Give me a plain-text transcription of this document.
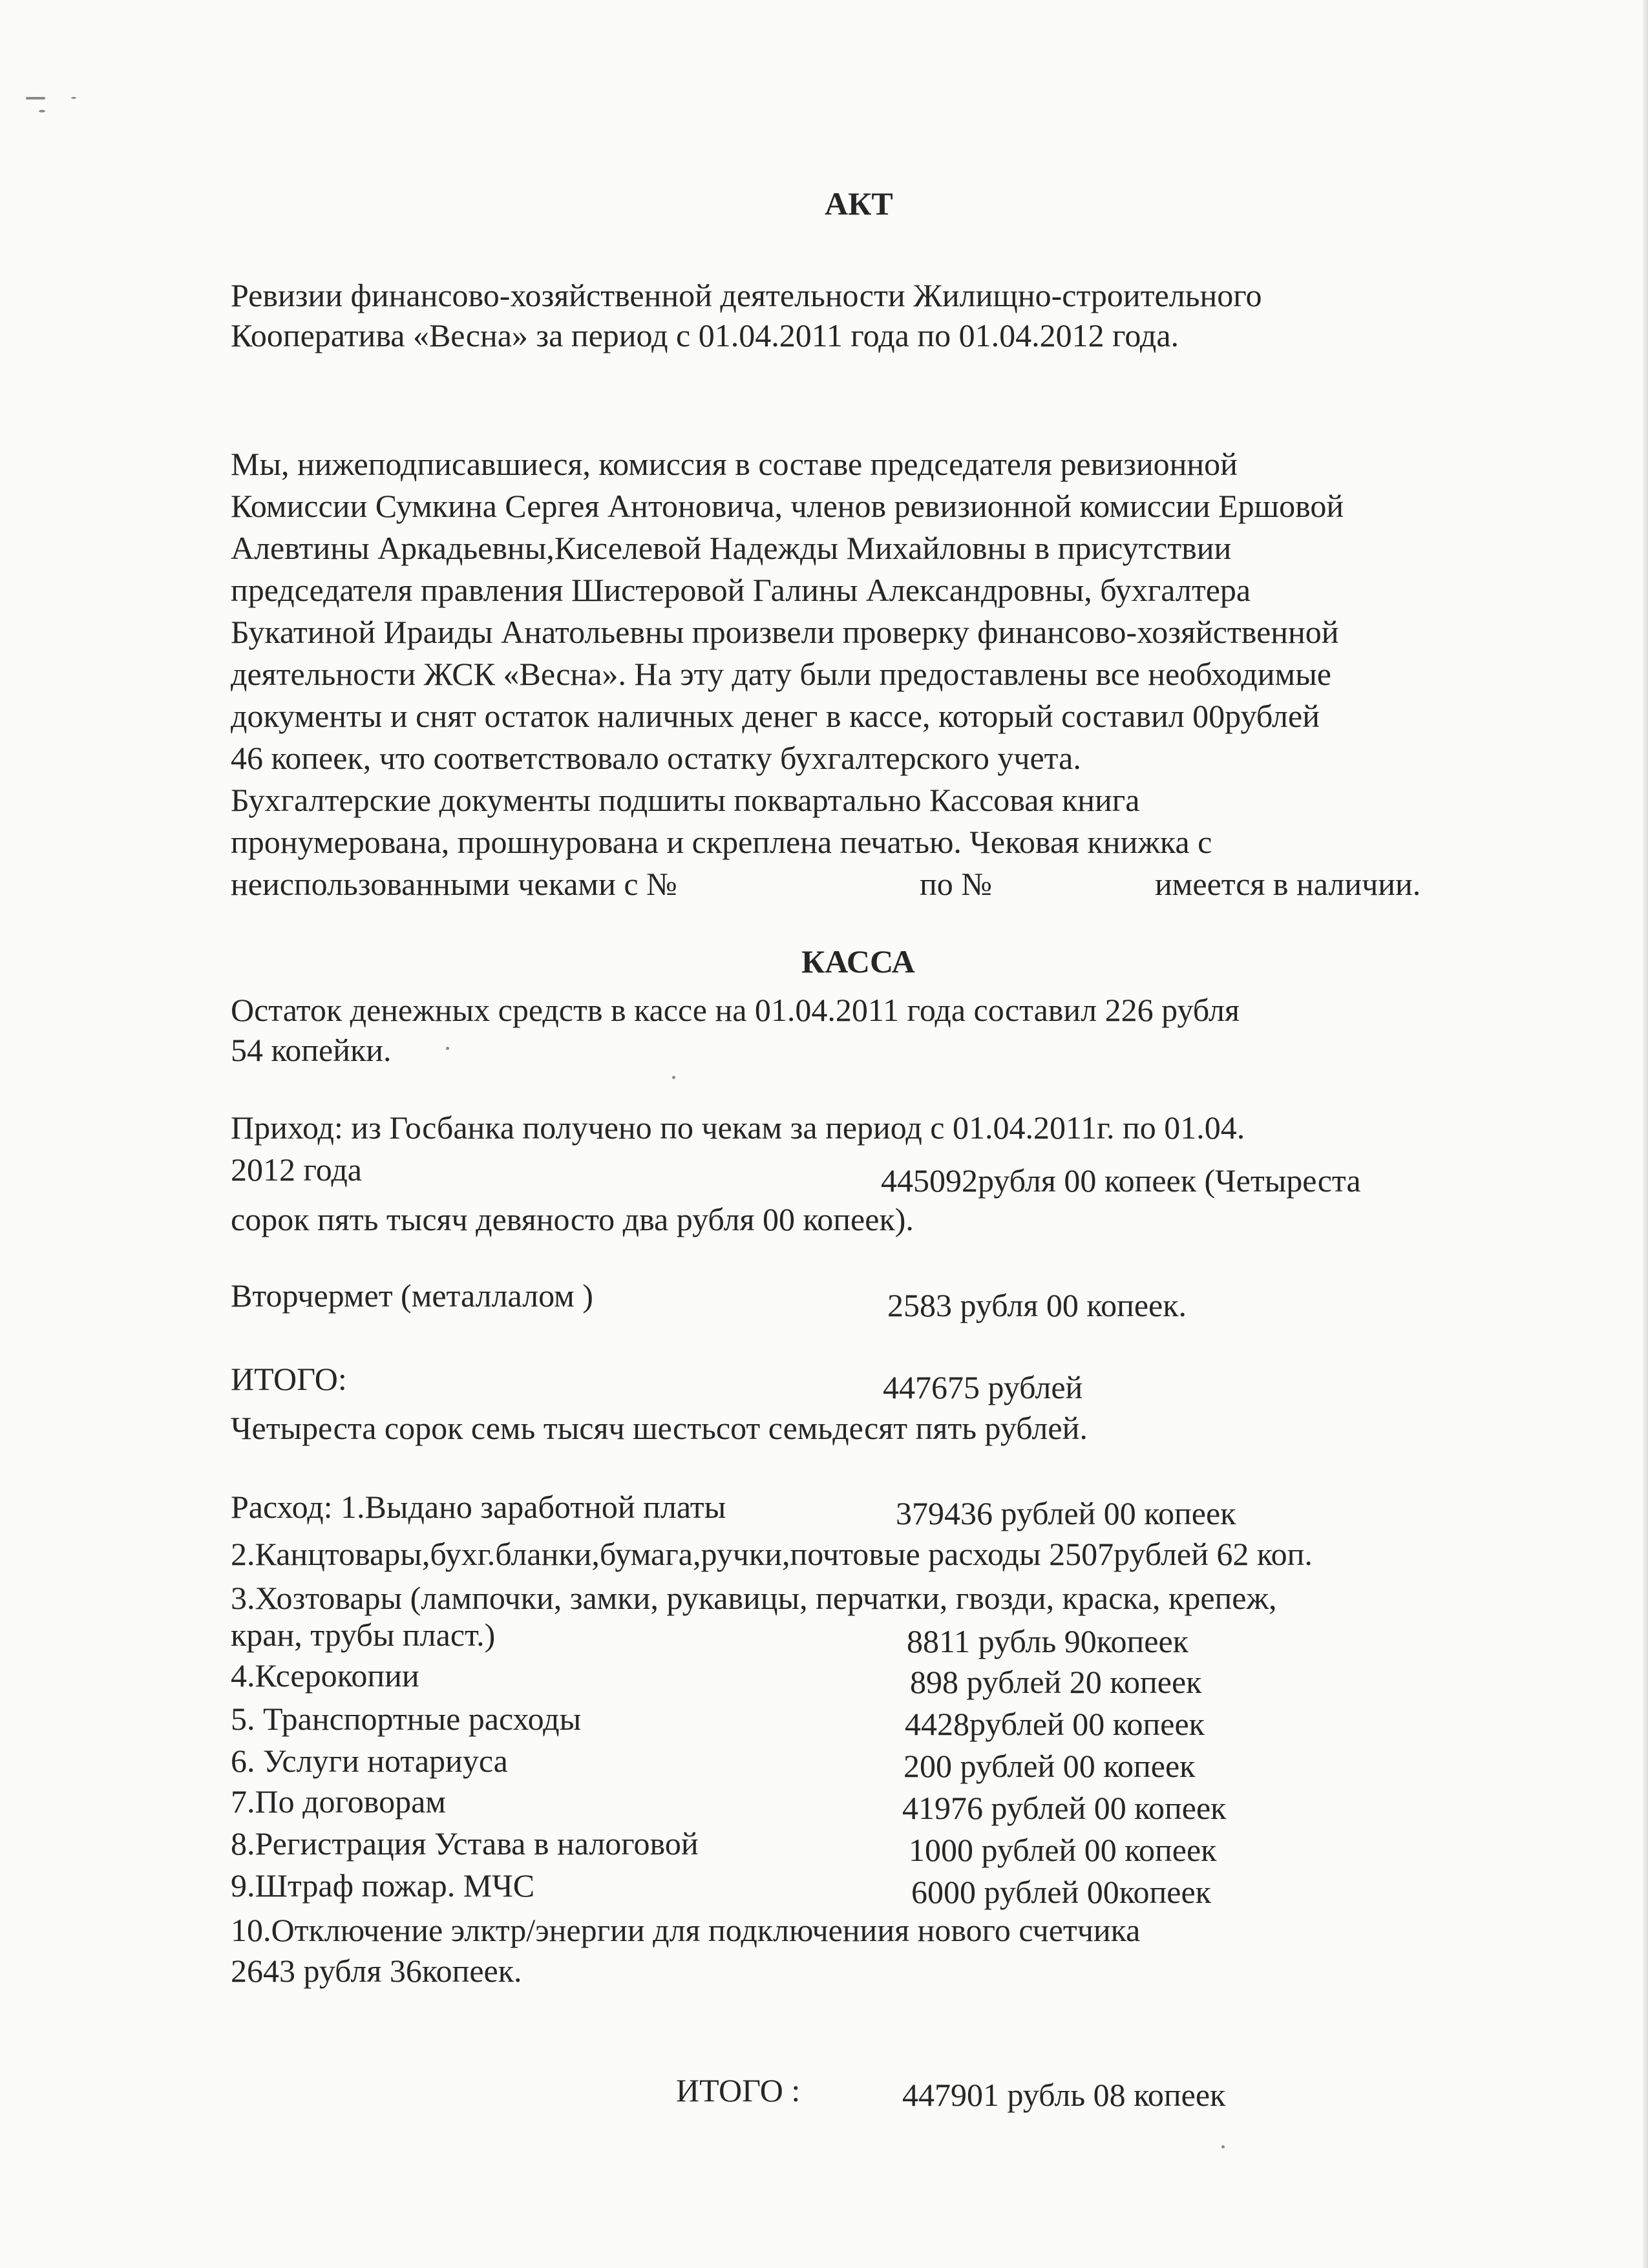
АКТ
Ревизии финансово-хозяйственной деятельности Жилищно-строительного
Кооператива «Весна» за период с 01.04.2011 года по 01.04.2012 года.
Мы, нижеподписавшиеся, комиссия в составе председателя ревизионной
Комиссии Сумкина Сергея Антоновича, членов ревизионной комиссии Ершовой
Алевтины Аркадьевны,Киселевой Надежды Михайловны в присутствии
председателя правления Шистеровой Галины Александровны, бухгалтера
Букатиной Ираиды Анатольевны произвели проверку финансово-хозяйственной
деятельности ЖСК «Весна». На эту дату были предоставлены все необходимые
документы и снят остаток наличных денег в кассе, который составил 00рублей
46 копеек, что соответствовало остатку бухгалтерского учета.
Бухгалтерские документы подшиты поквартально Кассовая книга
пронумерована, прошнурована и скреплена печатью. Чековая книжка с
неиспользованными чеками с №	по №	имеется в наличии.
КАССА
Остаток денежных средств в кассе на 01.04.2011 года составил 226 рубля
54 копейки.
Приход: из Госбанка получено по чекам за период с 01.04.2011г. по 01.04.
2012 года	445092рубля 00 копеек (Четыреста
сорок пять тысяч девяносто два рубля 00 копеек).
Вторчермет (металлалом )	2583 рубля 00 копеек.
ИТОГО:	447675 рублей
Четыреста сорок семь тысяч шестьсот семьдесят пять рублей.
Расход: 1.Выдано заработной платы	379436 рублей 00 копеек
2.Канцтовары,бухг.бланки,бумага,ручки,почтовые расходы 2507рублей 62 коп.
3.Хозтовары (лампочки, замки, рукавицы, перчатки, гвозди, краска, крепеж,
кран, трубы пласт.)	8811 рубль 90копеек
4.Ксерокопии	898 рублей 20 копеек
5. Транспортные расходы	4428рублей 00 копеек
6. Услуги нотариуса	200 рублей 00 копеек
7.По договорам	41976 рублей 00 копеек
8.Регистрация Устава в налоговой	1000 рублей 00 копеек
9.Штраф пожар. МЧС	6000 рублей 00копеек
10.Отключение элктр/энергии для подключениия нового счетчика
2643 рубля 36копеек.
ИТОГО :	447901 рубль 08 копеек
